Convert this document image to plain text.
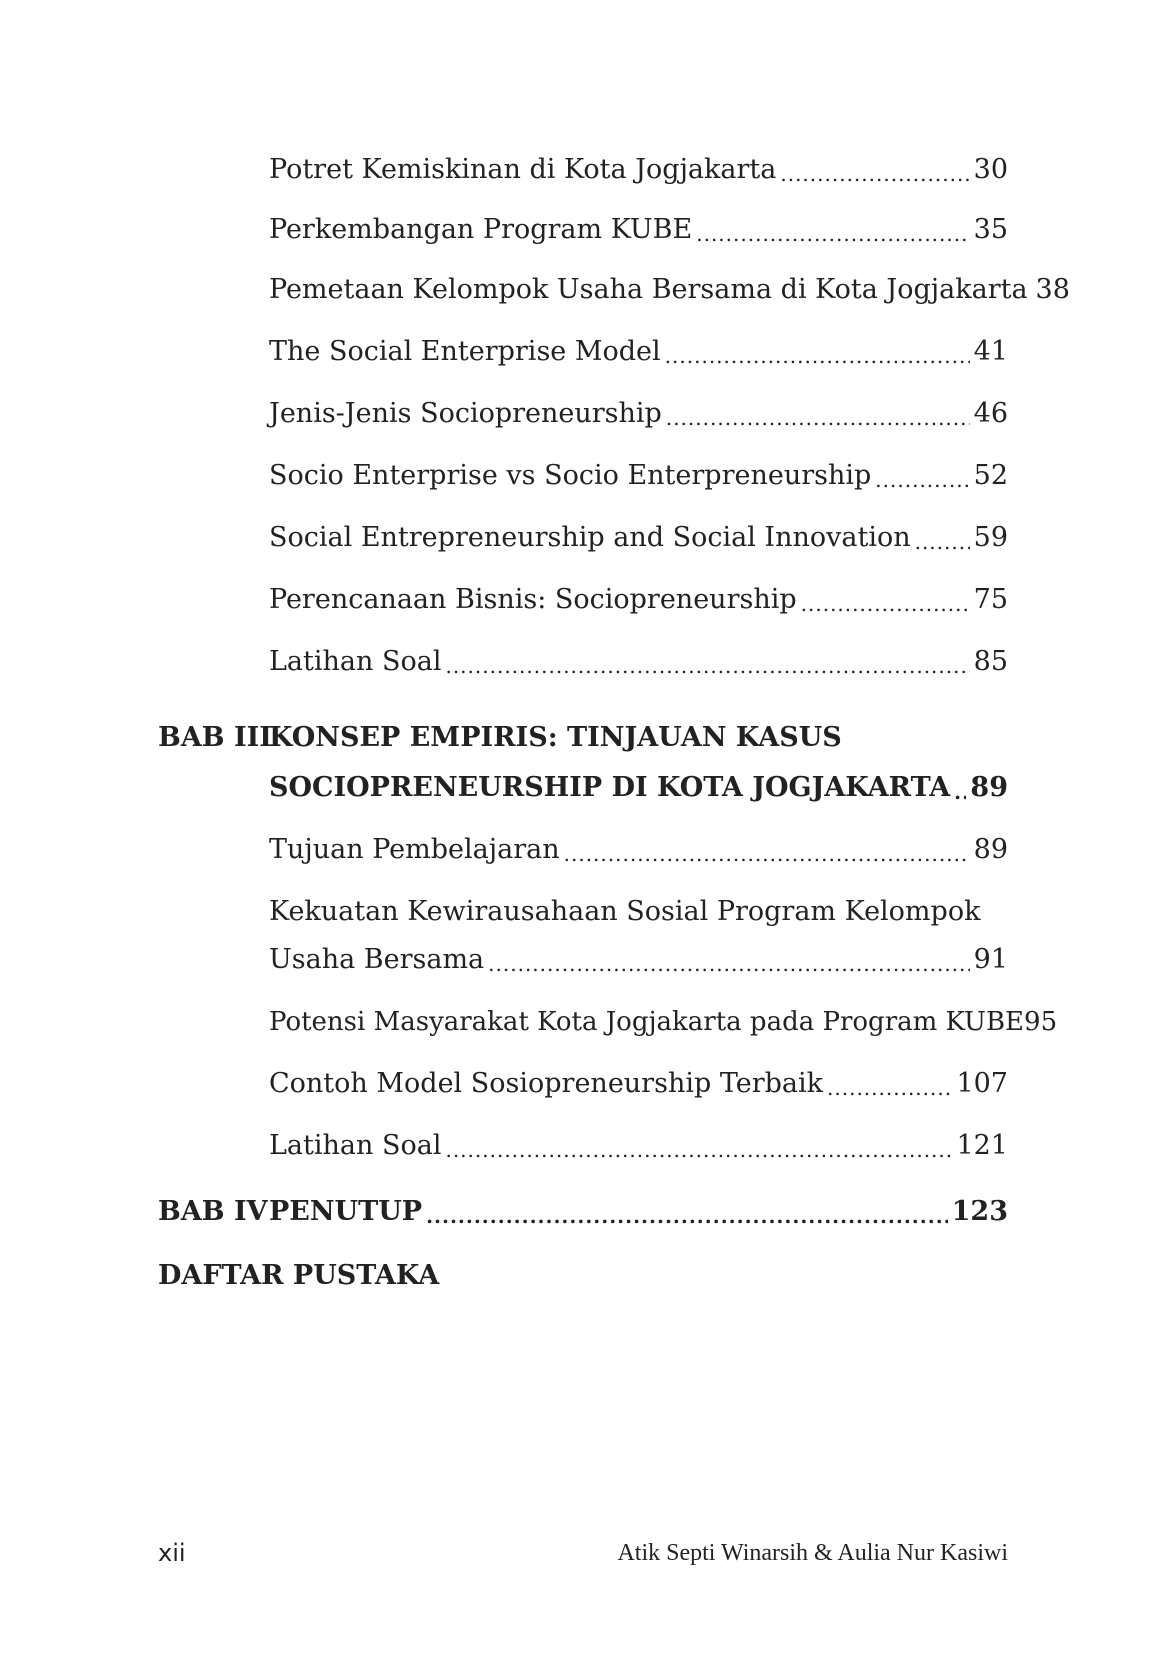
Potret Kemiskinan di Kota Jogjakarta .....	30
Perkembangan Program KUBE .....	35
Pemetaan Kelompok Usaha Bersama di Kota Jogjakarta 38
The Social Enterprise Model .....	41
Jenis-Jenis Sociopreneurship .....	46
Socio Enterprise vs Socio Enterpreneurship .....	52
Social Entrepreneurship and Social Innovation ..... 59
Perencanaan Bisnis: Sociopreneurship .....	75
Latihan Soal .....	85
BAB III
KONSEP EMPIRIS: TINJAUAN KASUS
SOCIOPRENEURSHIP DI KOTA JOGJAKARTA ..... 89
Tujuan Pembelajaran .....	89
Kekuatan Kewirausahaan Sosial Program Kelompok
Usaha Bersama .....	91
Potensi Masyarakat Kota Jogjakarta pada Program KUBE 95
Contoh Model Sosiopreneurship Terbaik .....	107
Latihan Soal .....	121
BAB IV PENUTUP .....	123
DAFTAR PUSTAKA
xii	Atik Septi Winarsih & Aulia Nur Kasiwi
